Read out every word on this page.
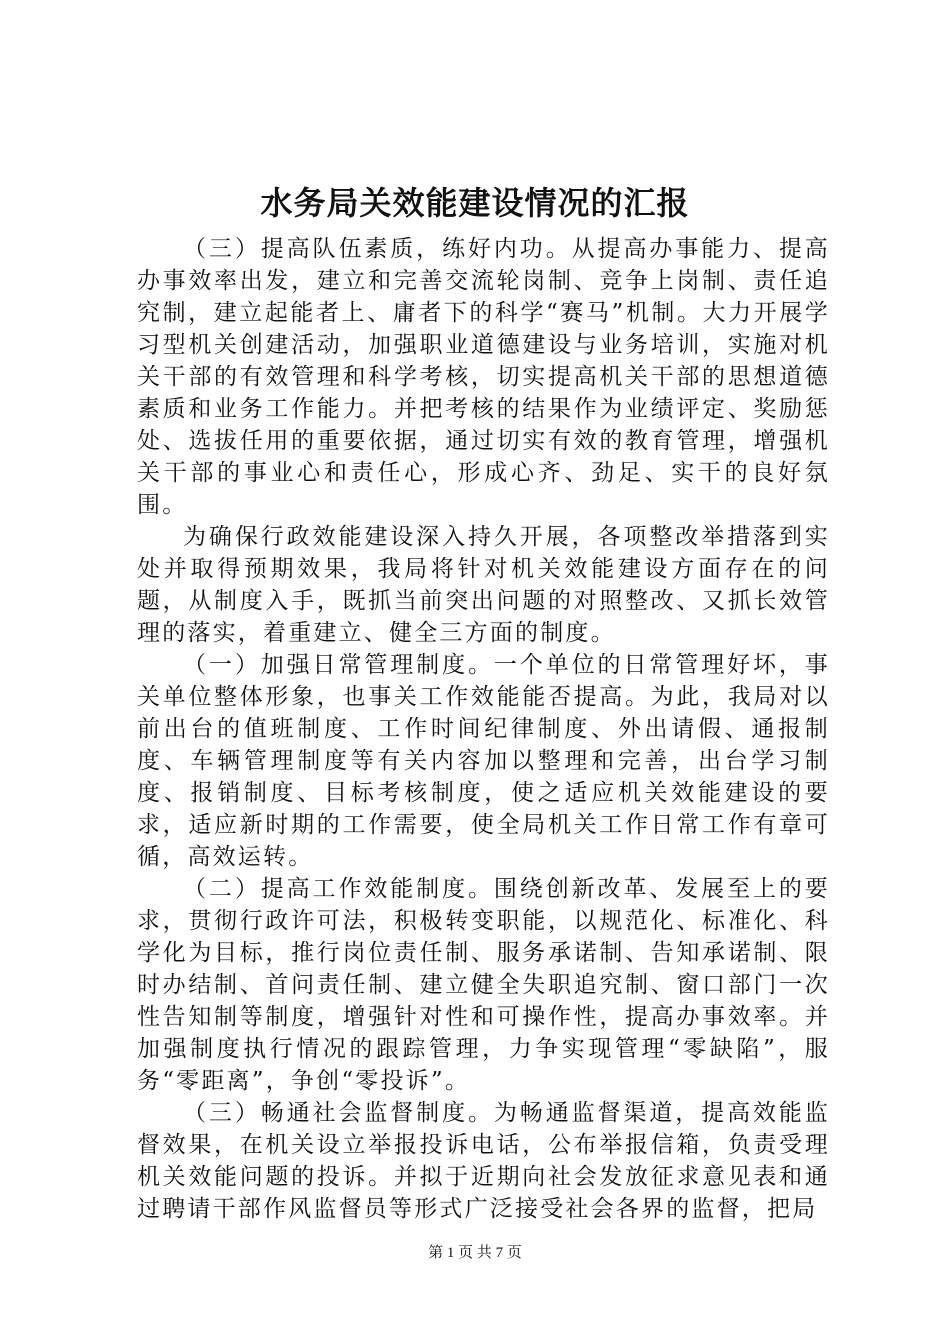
水务局关效能建设情况的汇报

（三）提高队伍素质，练好内功。从提高办事能力、提高办事效率出发，建立和完善交流轮岗制、竞争上岗制、责任追究制，建立起能者上、庸者下的科学“赛马”机制。大力开展学习型机关创建活动，加强职业道德建设与业务培训，实施对机关干部的有效管理和科学考核，切实提高机关干部的思想道德素质和业务工作能力。并把考核的结果作为业绩评定、奖励惩处、选拔任用的重要依据，通过切实有效的教育管理，增强机关干部的事业心和责任心，形成心齐、劲足、实干的良好氛围。

为确保行政效能建设深入持久开展，各项整改举措落到实处并取得预期效果，我局将针对机关效能建设方面存在的问题，从制度入手，既抓当前突出问题的对照整改、又抓长效管理的落实，着重建立、健全三方面的制度。

（一）加强日常管理制度。一个单位的日常管理好坏，事关单位整体形象，也事关工作效能能否提高。为此，我局对以前出台的值班制度、工作时间纪律制度、外出请假、通报制度、车辆管理制度等有关内容加以整理和完善，出台学习制度、报销制度、目标考核制度，使之适应机关效能建设的要求，适应新时期的工作需要，使全局机关工作日常工作有章可循，高效运转。

（二）提高工作效能制度。围绕创新改革、发展至上的要求，贯彻行政许可法，积极转变职能，以规范化、标准化、科学化为目标，推行岗位责任制、服务承诺制、告知承诺制、限时办结制、首问责任制、建立健全失职追究制、窗口部门一次性告知制等制度，增强针对性和可操作性，提高办事效率。并加强制度执行情况的跟踪管理，力争实现管理“零缺陷”，服务“零距离”，争创“零投诉”。

（三）畅通社会监督制度。为畅通监督渠道，提高效能监督效果，在机关设立举报投诉电话，公布举报信箱，负责受理机关效能问题的投诉。并拟于近期向社会发放征求意见表和通过聘请干部作风监督员等形式广泛接受社会各界的监督，把局

第 1 页 共 7 页
